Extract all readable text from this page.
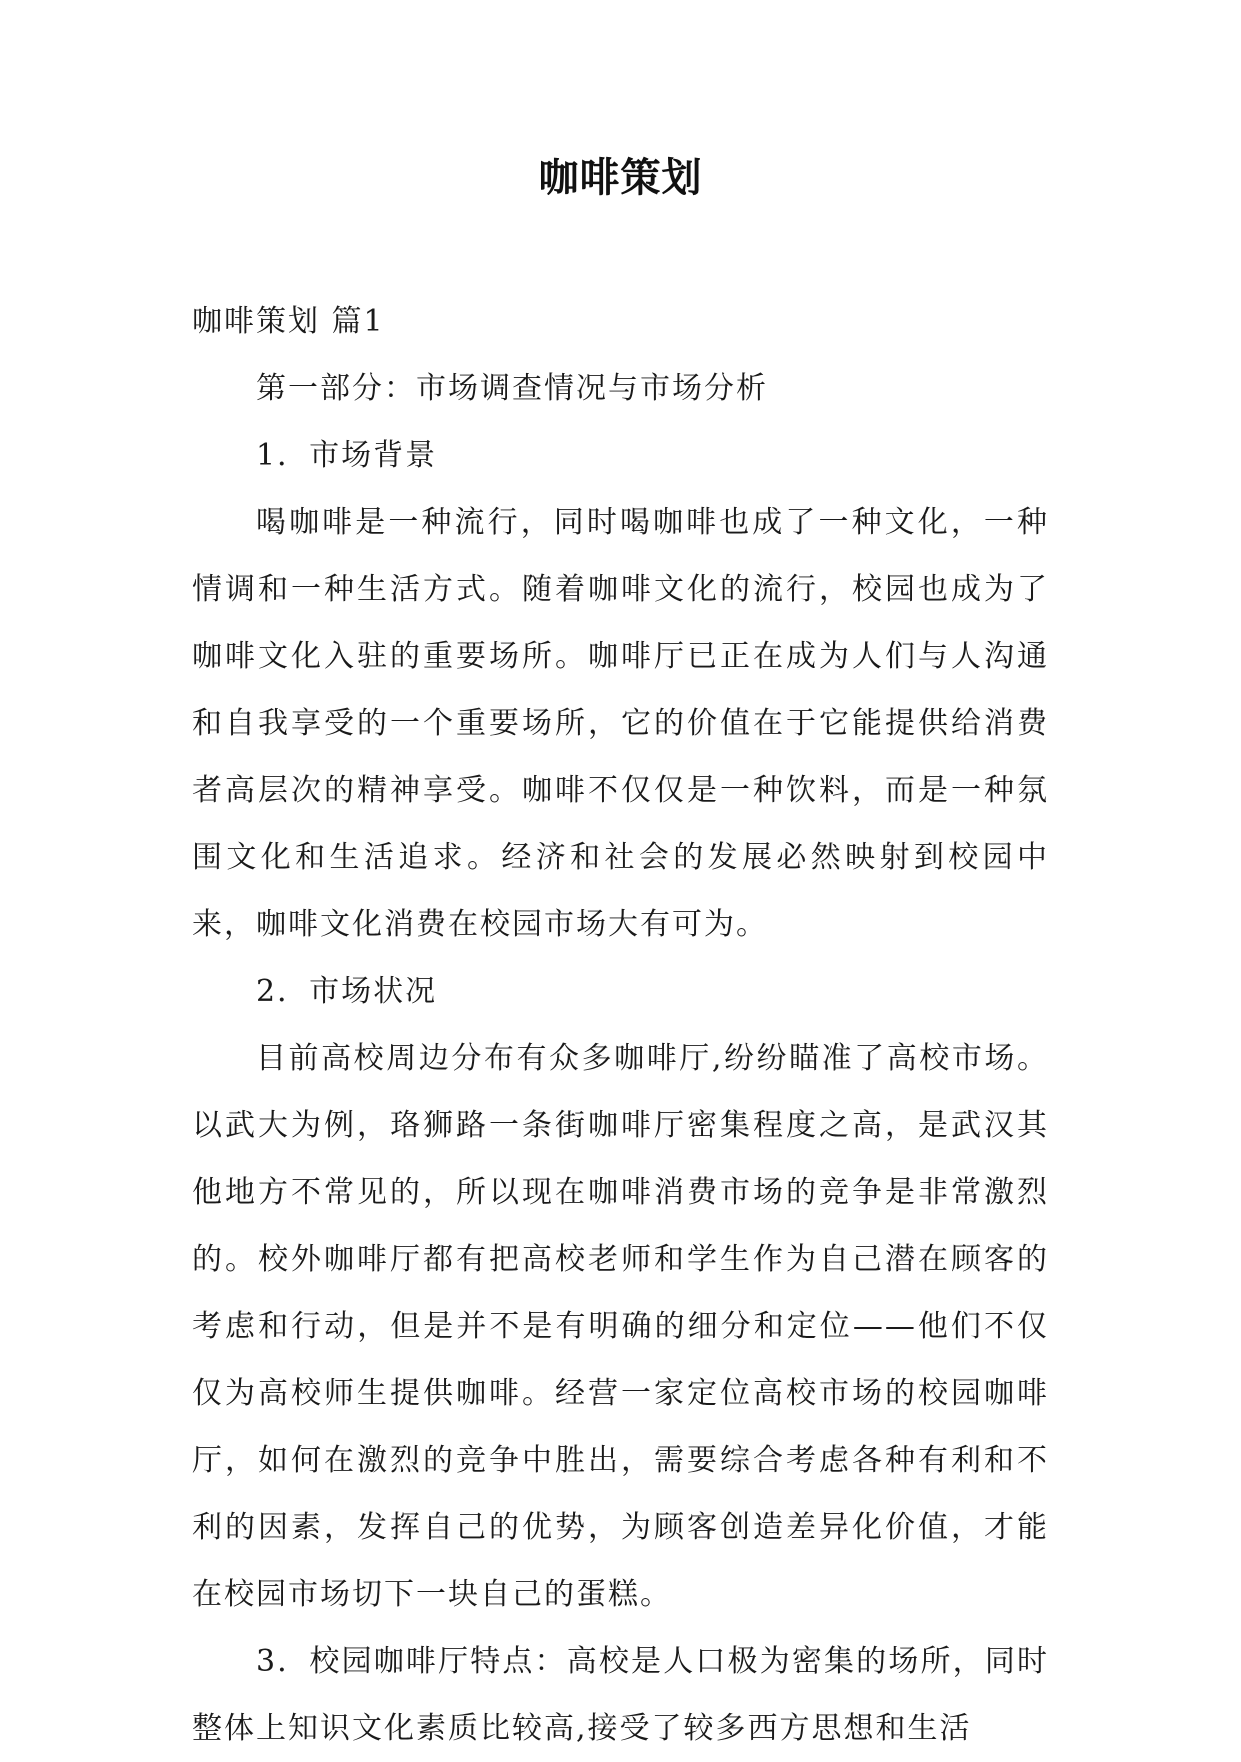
咖啡策划

咖啡策划 篇1

第一部分：市场调查情况与市场分析

1．市场背景

喝咖啡是一种流行，同时喝咖啡也成了一种文化，一种情调和一种生活方式。随着咖啡文化的流行，校园也成为了咖啡文化入驻的重要场所。咖啡厅已正在成为人们与人沟通和自我享受的一个重要场所，它的价值在于它能提供给消费者高层次的精神享受。咖啡不仅仅是一种饮料，而是一种氛围文化和生活追求。经济和社会的发展必然映射到校园中来，咖啡文化消费在校园市场大有可为。

2．市场状况

目前高校周边分布有众多咖啡厅,纷纷瞄准了高校市场。以武大为例，珞狮路一条街咖啡厅密集程度之高，是武汉其他地方不常见的，所以现在咖啡消费市场的竞争是非常激烈的。校外咖啡厅都有把高校老师和学生作为自己潜在顾客的考虑和行动，但是并不是有明确的细分和定位——他们不仅仅为高校师生提供咖啡。经营一家定位高校市场的校园咖啡厅，如何在激烈的竞争中胜出，需要综合考虑各种有利和不利的因素，发挥自己的优势，为顾客创造差异化价值，才能在校园市场切下一块自己的蛋糕。

3．校园咖啡厅特点：高校是人口极为密集的场所，同时整体上知识文化素质比较高,接受了较多西方思想和生活
